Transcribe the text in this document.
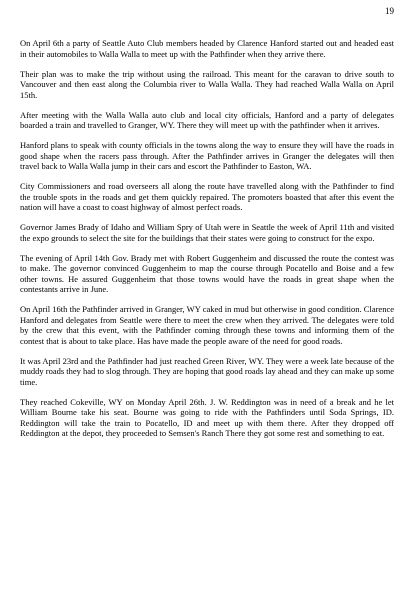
19

On April 6th a party of Seattle Auto Club members headed by Clarence Hanford started out and headed east in their automobiles to Walla Walla to meet up with the Pathfinder when they arrive there.

Their plan was to make the trip without using the railroad. This meant for the caravan to drive south to Vancouver and then east along the Columbia river to Walla Walla. They had reached Walla Walla on April 15th.

After meeting with the Walla Walla auto club and local city officials, Hanford and a party of delegates boarded a train and travelled to Granger, WY. There they will meet up with the pathfinder when it arrives.

Hanford plans to speak with county officials in the towns along the way to ensure they will have the roads in good shape when the racers pass through. After the Pathfinder arrives in Granger the delegates will then travel back to Walla Walla jump in their cars and escort the Pathfinder to Easton, WA.

City Commissioners and road overseers all along the route have travelled along with the Pathfinder to find the trouble spots in the roads and get them quickly repaired. The promoters boasted that after this event the nation will have a coast to coast highway of almost perfect roads.

Governor James Brady of Idaho and William Spry of Utah were in Seattle the week of April 11th and visited the expo grounds to select the site for the buildings that their states were going to construct for the expo.

The evening of April 14th Gov. Brady met with Robert Guggenheim and discussed the route the contest was to make. The governor convinced Guggenheim to map the course through Pocatello and Boise and a few other towns. He assured Guggenheim that those towns would have the roads in great shape when the contestants arrive in June.

On April 16th the Pathfinder arrived in Granger, WY caked in mud but otherwise in good condition. Clarence Hanford and delegates from Seattle were there to meet the crew when they arrived. The delegates were told by the crew that this event, with the Pathfinder coming through these towns and informing them of the contest that is about to take place. Has have made the people aware of the need for good roads.

It was April 23rd and the Pathfinder had just reached Green River, WY. They were a week late because of the muddy roads they had to slog through. They are hoping that good roads lay ahead and they can make up some time.

They reached Cokeville, WY on Monday April 26th. J. W. Reddington was in need of a break and he let William Bourne take his seat. Bourne was going to ride with the Pathfinders until Soda Springs, ID. Reddington will take the train to Pocatello, ID and meet up with them there. After they dropped off Reddington at the depot, they proceeded to Semsen's Ranch There they got some rest and something to eat.
